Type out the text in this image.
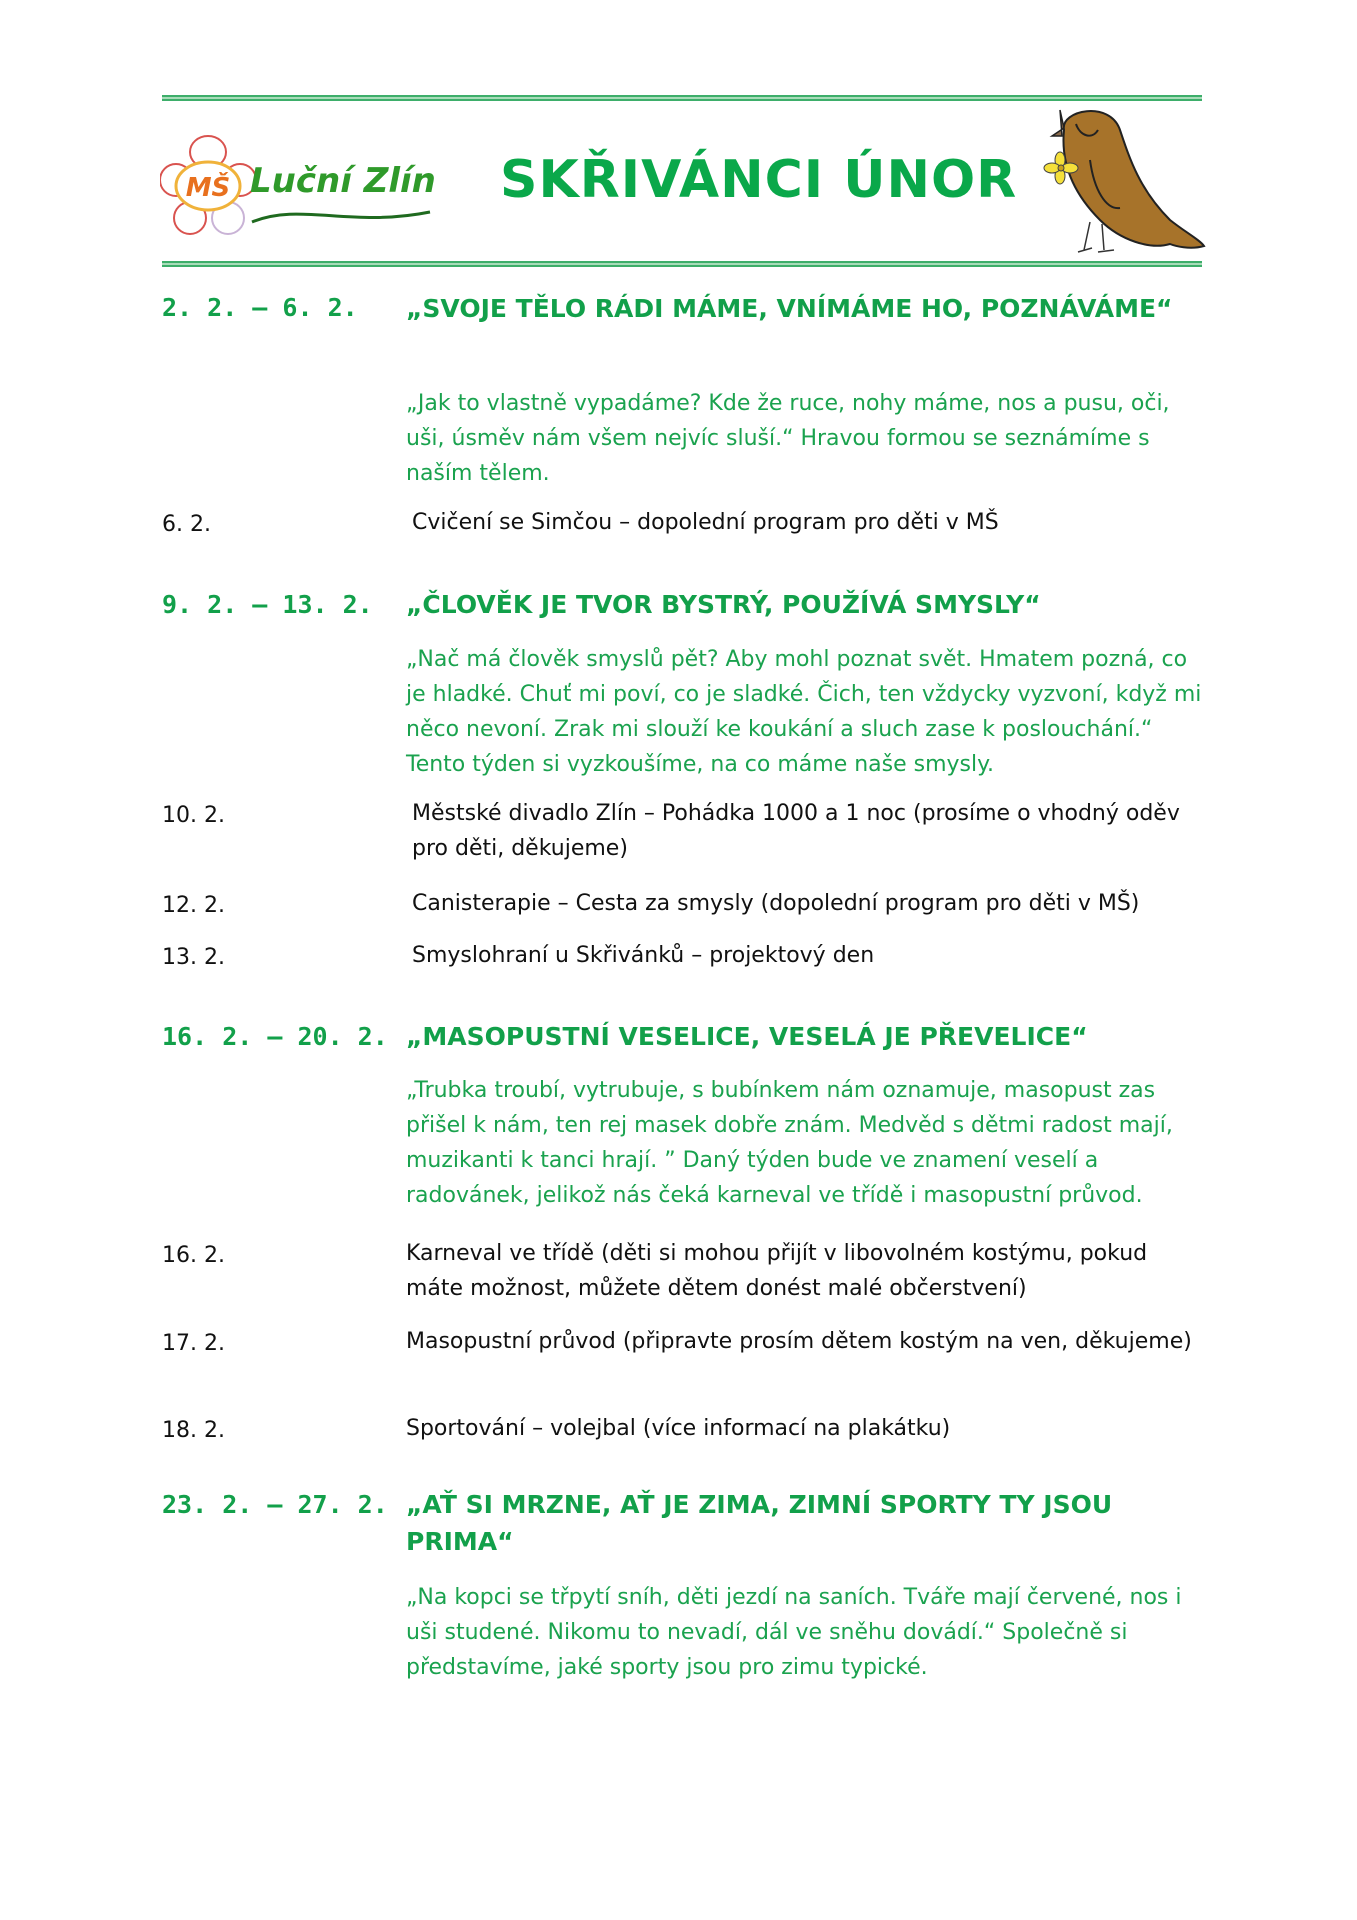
MŠ Luční Zlín SKŘIVÁNCI ÚNOR
2. 2. – 6. 2. „SVOJE TĚLO RÁDI MÁME, VNÍMÁME HO, POZNÁVÁME“
„Jak to vlastně vypadáme? Kde že ruce, nohy máme, nos a pusu, oči, uši, úsměv nám všem nejvíc sluší.“ Hravou formou se seznámíme s naším tělem.
6. 2.	Cvičení se Simčou – dopolední program pro děti v MŠ
9. 2. – 13. 2. „ČLOVĚK JE TVOR BYSTRÝ, POUŽÍVÁ SMYSLY“
„Nač má člověk smyslů pět? Aby mohl poznat svět. Hmatem pozná, co je hladké. Chuť mi poví, co je sladké. Čich, ten vždycky vyzvoní, když mi něco nevoní. Zrak mi slouží ke koukání a sluch zase k poslouchání.“ Tento týden si vyzkoušíme, na co máme naše smysly.
10. 2.	Městské divadlo Zlín – Pohádka 1000 a 1 noc (prosíme o vhodný oděv pro děti, děkujeme)
12. 2.	Canisterapie – Cesta za smysly (dopolední program pro děti v MŠ)
13. 2.	Smyslohraní u Skřivánků – projektový den
16. 2. – 20. 2. „MASOPUSTNÍ VESELICE, VESELÁ JE PŘEVELICE“
„Trubka troubí, vytrubuje, s bubínkem nám oznamuje, masopust zas přišel k nám, ten rej masek dobře znám. Medvěd s dětmi radost mají, muzikanti k tanci hrají. ” Daný týden bude ve znamení veselí a radovánek, jelikož nás čeká karneval ve třídě i masopustní průvod.
16. 2.	Karneval ve třídě (děti si mohou přijít v libovolném kostýmu, pokud máte možnost, můžete dětem donést malé občerstvení)
17. 2.	Masopustní průvod (připravte prosím dětem kostým na ven, děkujeme)
18. 2.	Sportování – volejbal (více informací na plakátku)
23. 2. – 27. 2. „AŤ SI MRZNE, AŤ JE ZIMA, ZIMNÍ SPORTY TY JSOU PRIMA“
„Na kopci se třpytí sníh, děti jezdí na saních. Tváře mají červené, nos i uši studené. Nikomu to nevadí, dál ve sněhu dovádí.“ Společně si představíme, jaké sporty jsou pro zimu typické.
